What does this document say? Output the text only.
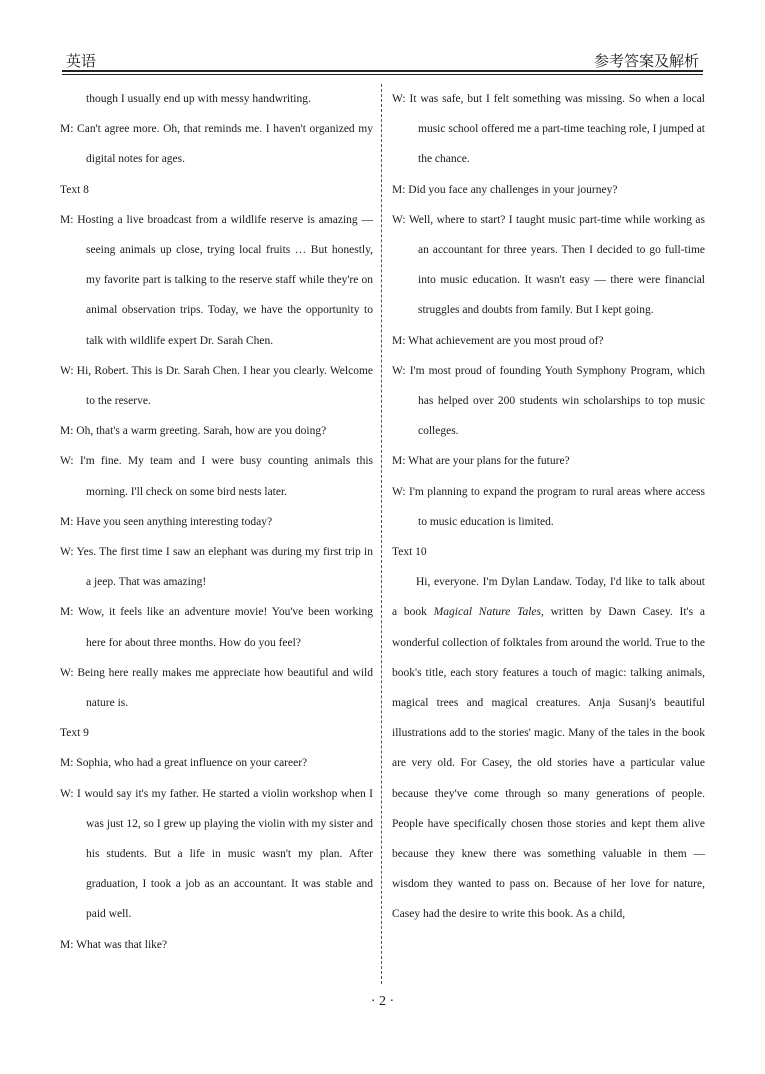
英语	参考答案及解析

though I usually end up with messy handwriting.

M: Can't agree more. Oh, that reminds me. I haven't organized my digital notes for ages.

Text 8

M: Hosting a live broadcast from a wildlife reserve is amazing — seeing animals up close, trying local fruits … But honestly, my favorite part is talking to the reserve staff while they're on animal observation trips. Today, we have the opportunity to talk with wildlife expert Dr. Sarah Chen.

W: Hi, Robert. This is Dr. Sarah Chen. I hear you clearly. Welcome to the reserve.

M: Oh, that's a warm greeting. Sarah, how are you doing?

W: I'm fine. My team and I were busy counting animals this morning. I'll check on some bird nests later.

M: Have you seen anything interesting today?

W: Yes. The first time I saw an elephant was during my first trip in a jeep. That was amazing!

M: Wow, it feels like an adventure movie! You've been working here for about three months. How do you feel?

W: Being here really makes me appreciate how beautiful and wild nature is.

Text 9

M: Sophia, who had a great influence on your career?

W: I would say it's my father. He started a violin workshop when I was just 12, so I grew up playing the violin with my sister and his students. But a life in music wasn't my plan. After graduation, I took a job as an accountant. It was stable and paid well.

M: What was that like?

W: It was safe, but I felt something was missing. So when a local music school offered me a part-time teaching role, I jumped at the chance.

M: Did you face any challenges in your journey?

W: Well, where to start? I taught music part-time while working as an accountant for three years. Then I decided to go full-time into music education. It wasn't easy — there were financial struggles and doubts from family. But I kept going.

M: What achievement are you most proud of?

W: I'm most proud of founding Youth Symphony Program, which has helped over 200 students win scholarships to top music colleges.

M: What are your plans for the future?

W: I'm planning to expand the program to rural areas where access to music education is limited.

Text 10

Hi, everyone. I'm Dylan Landaw. Today, I'd like to talk about a book Magical Nature Tales, written by Dawn Casey. It's a wonderful collection of folktales from around the world. True to the book's title, each story features a touch of magic: talking animals, magical trees and magical creatures. Anja Susanj's beautiful illustrations add to the stories' magic. Many of the tales in the book are very old. For Casey, the old stories have a particular value because they've come through so many generations of people. People have specifically chosen those stories and kept them alive because they knew there was something valuable in them — wisdom they wanted to pass on. Because of her love for nature, Casey had the desire to write this book. As a child,

· 2 ·
